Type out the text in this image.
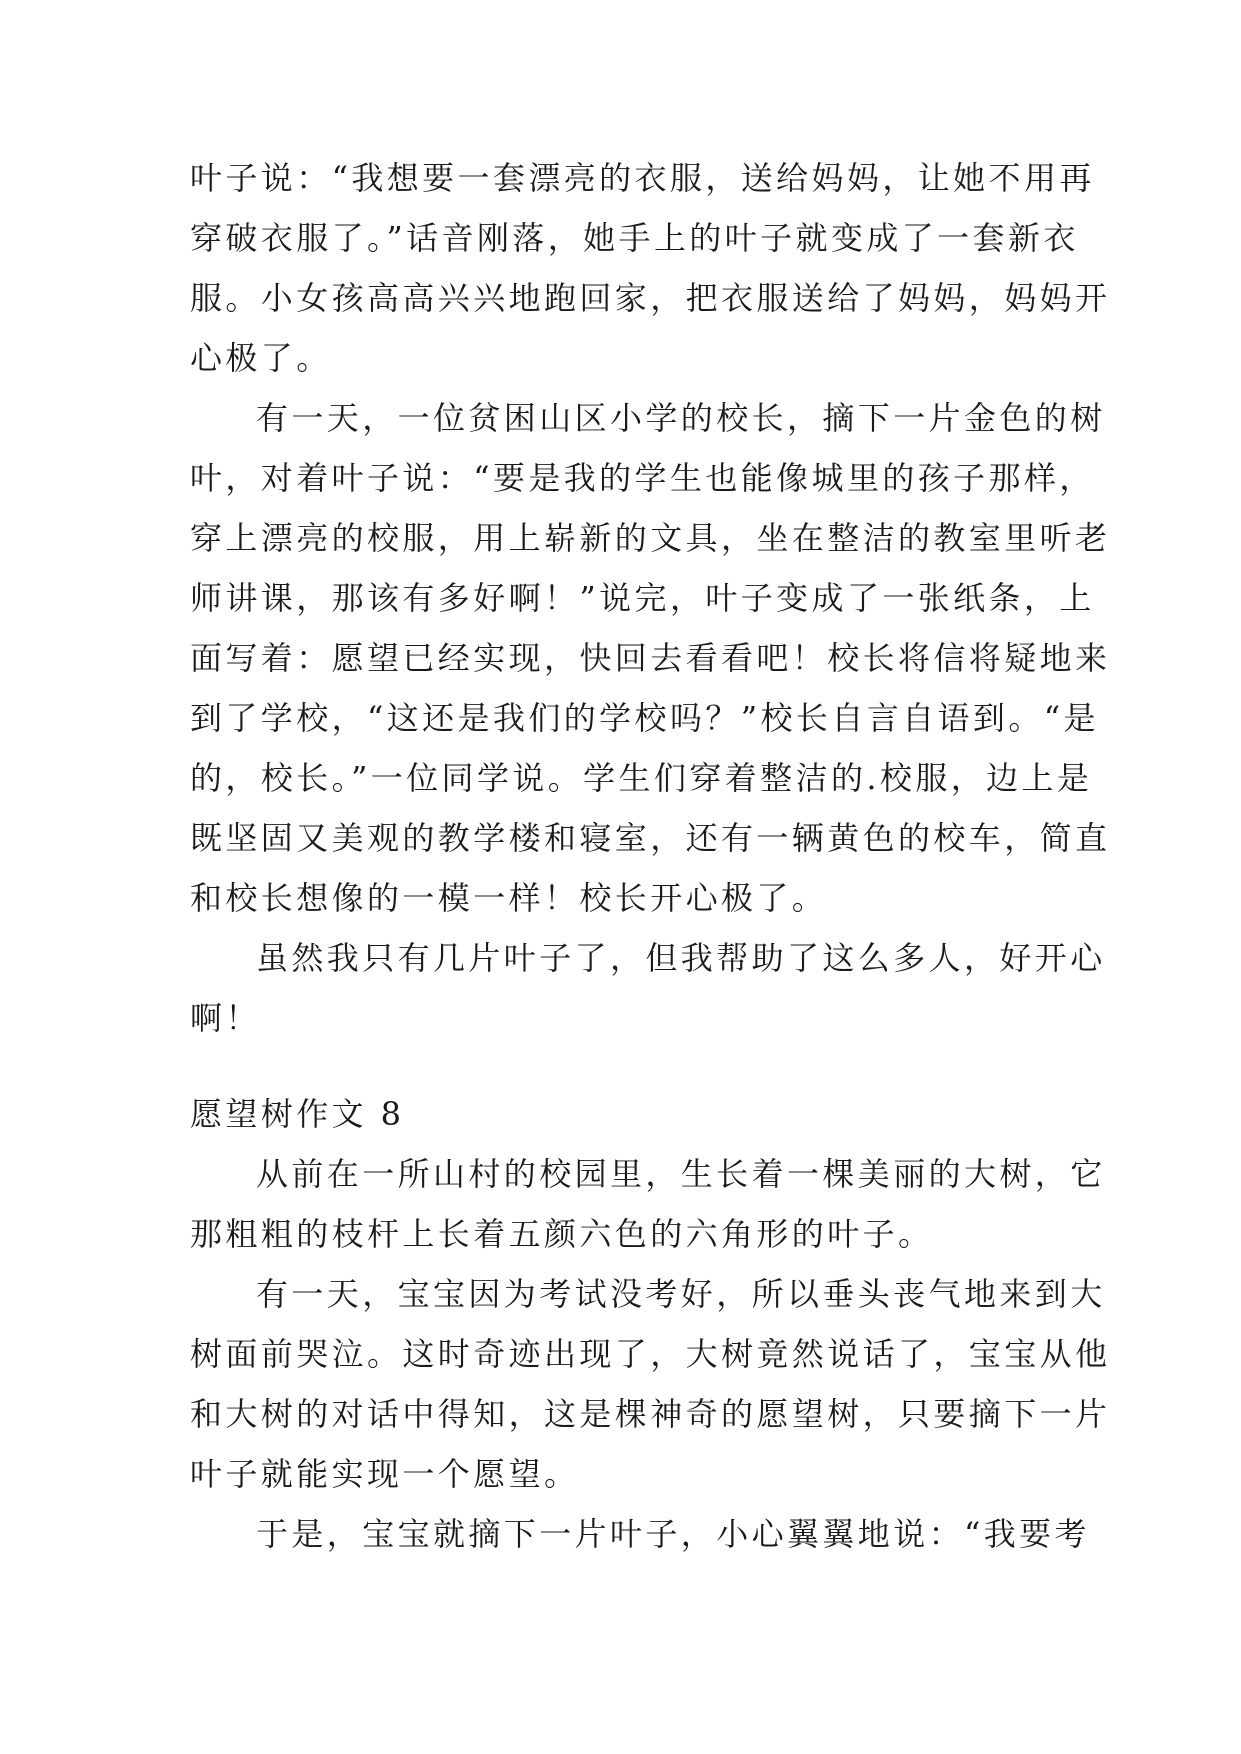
叶子说：“我想要一套漂亮的衣服，送给妈妈，让她不用再
穿破衣服了。”话音刚落，她手上的叶子就变成了一套新衣
服。小女孩高高兴兴地跑回家，把衣服送给了妈妈，妈妈开
心极了。
有一天，一位贫困山区小学的校长，摘下一片金色的树
叶，对着叶子说：“要是我的学生也能像城里的孩子那样，
穿上漂亮的校服，用上崭新的文具，坐在整洁的教室里听老
师讲课，那该有多好啊！”说完，叶子变成了一张纸条，上
面写着：愿望已经实现，快回去看看吧！校长将信将疑地来
到了学校，“这还是我们的学校吗？”校长自言自语到。“是
的，校长。”一位同学说。学生们穿着整洁的.校服，边上是
既坚固又美观的教学楼和寝室，还有一辆黄色的校车，简直
和校长想像的一模一样！校长开心极了。
虽然我只有几片叶子了，但我帮助了这么多人，好开心
啊！
愿望树作文 8
从前在一所山村的校园里，生长着一棵美丽的大树，它
那粗粗的枝杆上长着五颜六色的六角形的叶子。
有一天，宝宝因为考试没考好，所以垂头丧气地来到大
树面前哭泣。这时奇迹出现了，大树竟然说话了，宝宝从他
和大树的对话中得知，这是棵神奇的愿望树，只要摘下一片
叶子就能实现一个愿望。
于是，宝宝就摘下一片叶子，小心翼翼地说：“我要考
